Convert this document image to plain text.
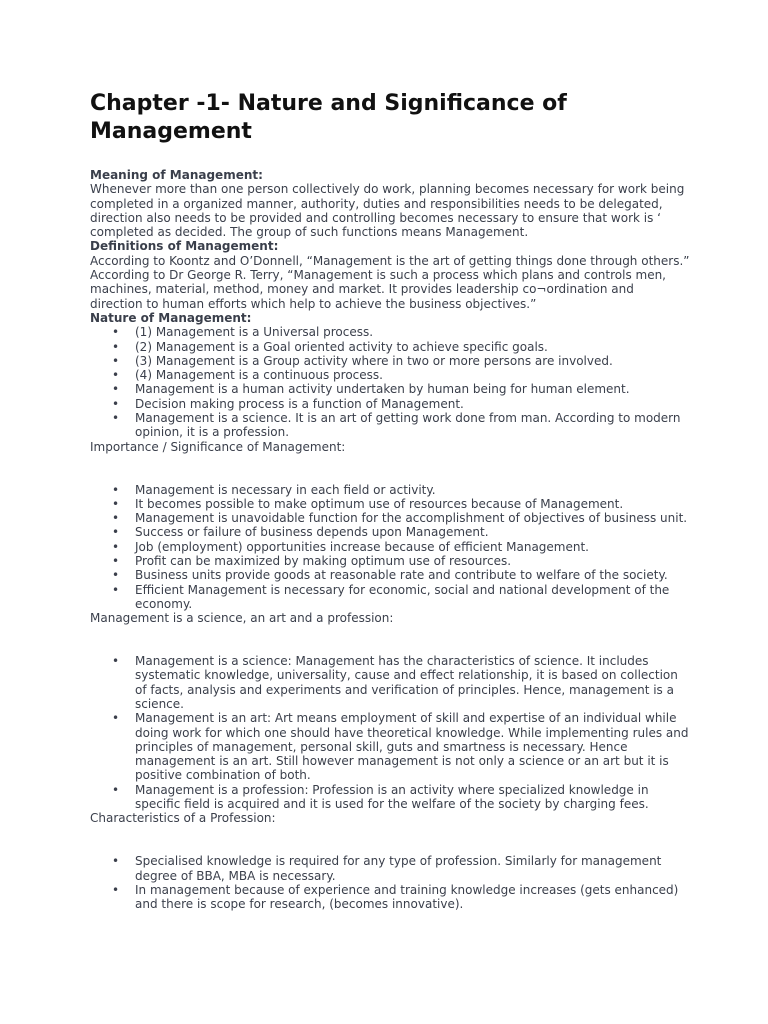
Chapter -1- Nature and Significance of Management
Meaning of Management:

Whenever more than one person collectively do work, planning becomes necessary for work being completed in a organized manner, authority, duties and responsibilities needs to be delegated, direction also needs to be provided and controlling becomes necessary to ensure that work is ‘ completed as decided. The group of such functions means Management.

Definitions of Management:

According to Koontz and O’Donnell, “Management is the art of getting things done through others.”

According to Dr George R. Terry, “Management is such a process which plans and controls men, machines, material, method, money and market. It provides leadership co¬ordination and direction to human efforts which help to achieve the business objectives.”

Nature of Management:
• (1) Management is a Universal process.
• (2) Management is a Goal oriented activity to achieve specific goals.
• (3) Management is a Group activity where in two or more persons are involved.
• (4) Management is a continuous process.
• Management is a human activity undertaken by human being for human element.
• Decision making process is a function of Management.
• Management is a science. It is an art of getting work done from man. According to modern opinion, it is a profession.

Importance / Significance of Management:

• Management is necessary in each field or activity.
• It becomes possible to make optimum use of resources because of Management.
• Management is unavoidable function for the accomplishment of objectives of business unit.
• Success or failure of business depends upon Management.
• Job (employment) opportunities increase because of efficient Management.
• Profit can be maximized by making optimum use of resources.
• Business units provide goods at reasonable rate and contribute to welfare of the society.
• Efficient Management is necessary for economic, social and national development of the economy.

Management is a science, an art and a profession:

• Management is a science: Management has the characteristics of science. It includes systematic knowledge, universality, cause and effect relationship, it is based on collection of facts, analysis and experiments and verification of principles. Hence, management is a science.
• Management is an art: Art means employment of skill and expertise of an individual while doing work for which one should have theoretical knowledge. While implementing rules and principles of management, personal skill, guts and smartness is necessary. Hence management is an art. Still however management is not only a science or an art but it is positive combination of both.
• Management is a profession: Profession is an activity where specialized knowledge in specific field is acquired and it is used for the welfare of the society by charging fees.

Characteristics of a Profession:

• Specialised knowledge is required for any type of profession. Similarly for management degree of BBA, MBA is necessary.
• In management because of experience and training knowledge increases (gets enhanced) and there is scope for research, (becomes innovative).
